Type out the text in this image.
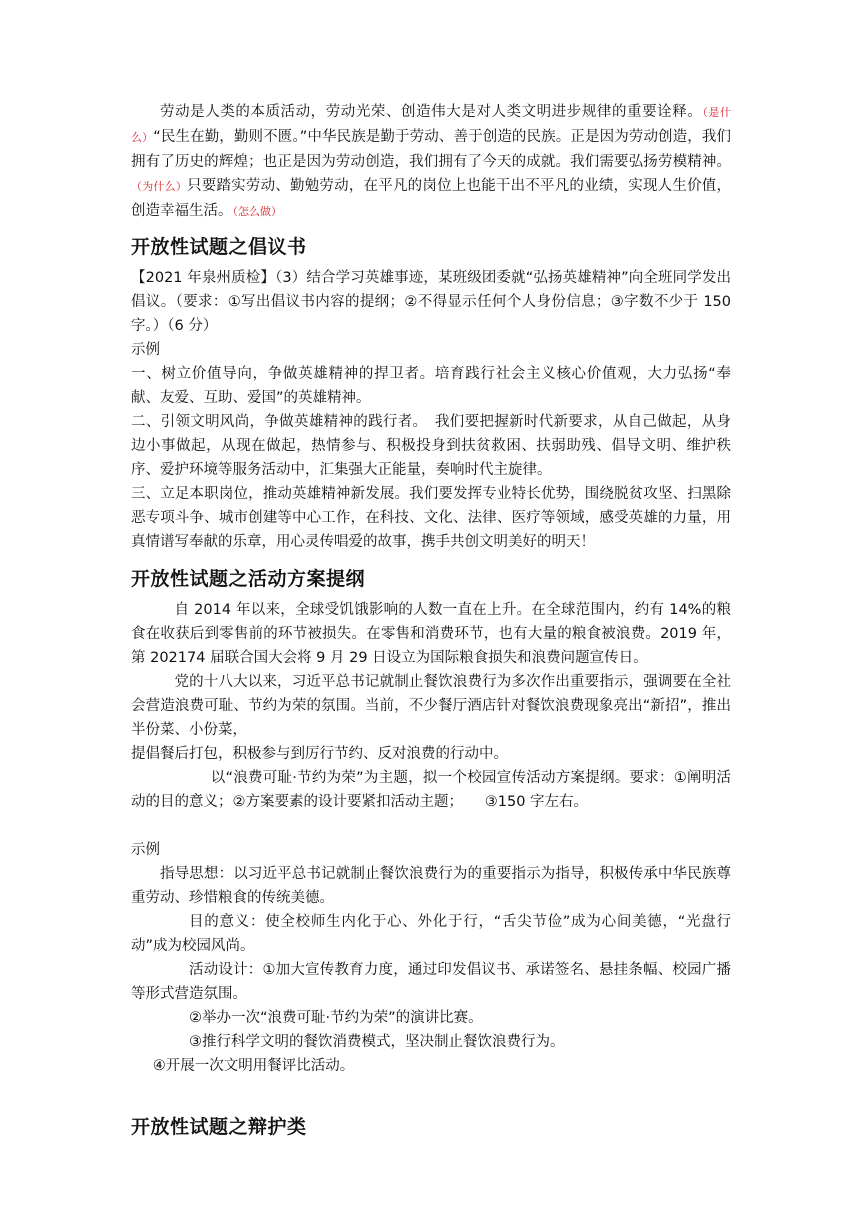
劳动是人类的本质活动，劳动光荣、创造伟大是对人类文明进步规律的重要诠释。（是什么）“民生在勤，勤则不匮。”中华民族是勤于劳动、善于创造的民族。正是因为劳动创造，我们拥有了历史的辉煌；也正是因为劳动创造，我们拥有了今天的成就。我们需要弘扬劳模精神。（为什么）只要踏实劳动、勤勉劳动，在平凡的岗位上也能干出不平凡的业绩，实现人生价值，创造幸福生活。（怎么做）

开放性试题之倡议书

【2021 年泉州质检】（3）结合学习英雄事迹，某班级团委就“弘扬英雄精神”向全班同学发出倡议。（要求：①写出倡议书内容的提纲；②不得显示任何个人身份信息；③字数不少于 150 字。）（6 分）

示例

一、树立价值导向，争做英雄精神的捍卫者。培育践行社会主义核心价值观，大力弘扬“奉献、友爱、互助、爱国”的英雄精神。

二、引领文明风尚，争做英雄精神的践行者。　我们要把握新时代新要求，从自己做起，从身边小事做起，从现在做起，热情参与、积极投身到扶贫救困、扶弱助残、倡导文明、维护秩序、爱护环境等服务活动中，汇集强大正能量，奏响时代主旋律。

三、立足本职岗位，推动英雄精神新发展。我们要发挥专业特长优势，围绕脱贫攻坚、扫黑除恶专项斗争、城市创建等中心工作，在科技、文化、法律、医疗等领域，感受英雄的力量，用真情谱写奉献的乐章，用心灵传唱爱的故事，携手共创文明美好的明天！

开放性试题之活动方案提纲

自 2014 年以来，全球受饥饿影响的人数一直在上升。在全球范围内，约有 14%的粮食在收获后到零售前的环节被损失。在零售和消费环节，也有大量的粮食被浪费。2019 年，第 202174 届联合国大会将 9 月 29 日设立为国际粮食损失和浪费问题宣传日。

党的十八大以来，习近平总书记就制止餐饮浪费行为多次作出重要指示，强调要在全社会营造浪费可耻、节约为荣的氛围。当前，不少餐厅酒店针对餐饮浪费现象亮出“新招”，推出半份菜、小份菜，

提倡餐后打包，积极参与到厉行节约、反对浪费的行动中。

以“浪费可耻·节约为荣”为主题，拟一个校园宣传活动方案提纲。要求：①阐明活动的目的意义；②方案要素的设计要紧扣活动主题；　　③150 字左右。

示例

指导思想：以习近平总书记就制止餐饮浪费行为的重要指示为指导，积极传承中华民族尊重劳动、珍惜粮食的传统美德。

目的意义：使全校师生内化于心、外化于行，“舌尖节俭”成为心间美德，“光盘行动”成为校园风尚。

活动设计：①加大宣传教育力度，通过印发倡议书、承诺签名、悬挂条幅、校园广播等形式营造氛围。

②举办一次“浪费可耻·节约为荣”的演讲比赛。

③推行科学文明的餐饮消费模式，坚决制止餐饮浪费行为。

④开展一次文明用餐评比活动。

开放性试题之辩护类
